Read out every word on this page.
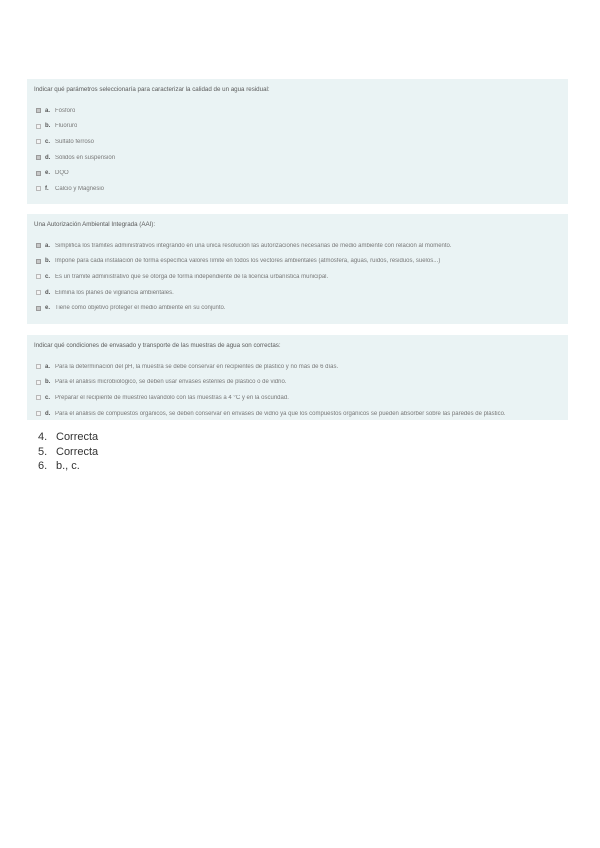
Indicar qué parámetros seleccionaría para caracterizar la calidad de un agua residual:
a. Fósforo
b. Fluoruro
c. Sulfato ferroso
d. Sólidos en suspensión
e. DQO
f.	Calcio y Magnesio
Una Autorización Ambiental Integrada (AAI):
a. Simplifica los trámites administrativos integrando en una única resolución las autorizaciones necesarias de medio ambiente con relación al momento.
b. Impone para cada instalación de forma específica valores límite en todos los vectores ambientales (atmósfera, aguas, ruidos, residuos, suelos...)
c. Es un trámite administrativo que se otorga de forma independiente de la licencia urbanística municipal.
d. Elimina los planes de vigilancia ambientales.
e. Tiene como objetivo proteger el medio ambiente en su conjunto.
Indicar qué condiciones de envasado y transporte de las muestras de agua son correctas:
a. Para la determinación del pH, la muestra se debe conservar en recipientes de plástico y no más de 6 días.
b. Para el análisis microbiológico, se deben usar envases estériles de plástico o de vidrio.
c. Preparar el recipiente de muestreo lavándolo con las muestras a 4 °C y en la oscuridad.
d. Para el análisis de compuestos orgánicos, se deben conservar en envases de vidrio ya que los compuestos orgánicos se pueden absorber sobre las paredes de plástico.
4. Correcta
5. Correcta
6. b., c.
